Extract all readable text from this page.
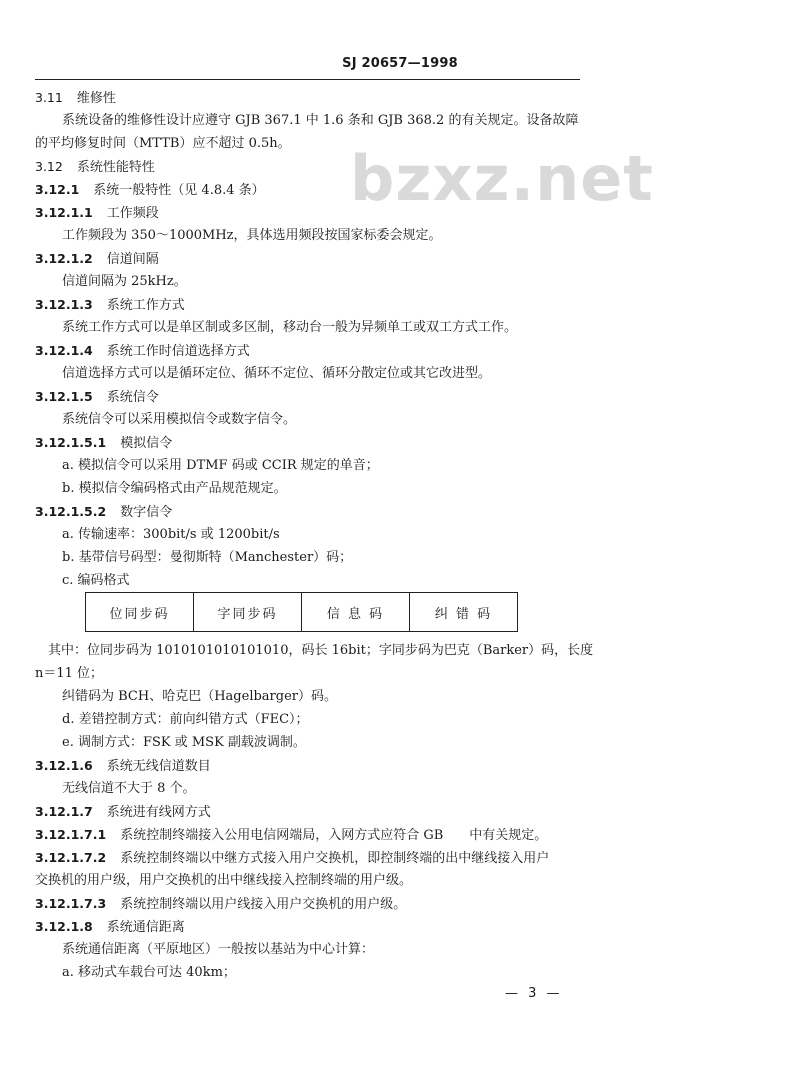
SJ 20657—1998
bzxz.net
3.11 维修性
系统设备的维修性设计应遵守 GJB 367.1 中 1.6 条和 GJB 368.2 的有关规定。设备故障
的平均修复时间（MTTB）应不超过 0.5h。
3.12 系统性能特性
3.12.1 系统一般特性（见 4.8.4 条）
3.12.1.1 工作频段
工作频段为 350～1000MHz，具体选用频段按国家标委会规定。
3.12.1.2 信道间隔
信道间隔为 25kHz。
3.12.1.3 系统工作方式
系统工作方式可以是单区制或多区制，移动台一般为异频单工或双工方式工作。
3.12.1.4 系统工作时信道选择方式
信道选择方式可以是循环定位、循环不定位、循环分散定位或其它改进型。
3.12.1.5 系统信令
系统信令可以采用模拟信令或数字信令。
3.12.1.5.1 模拟信令
a. 模拟信令可以采用 DTMF 码或 CCIR 规定的单音；
b. 模拟信令编码格式由产品规范规定。
3.12.1.5.2 数字信令
a. 传输速率：300bit/s 或 1200bit/s
b. 基带信号码型：曼彻斯特（Manchester）码；
c. 编码格式
位同步码	字同步码	信 息 码	纠 错 码
其中：位同步码为 1010101010101010，码长 16bit；字同步码为巴克（Barker）码，长度
n＝11 位；
纠错码为 BCH、哈克巴（Hagelbarger）码。
d. 差错控制方式：前向纠错方式（FEC）；
e. 调制方式：FSK 或 MSK 副载波调制。
3.12.1.6 系统无线信道数目
无线信道不大于 8 个。
3.12.1.7 系统进有线网方式
3.12.1.7.1 系统控制终端接入公用电信网端局，入网方式应符合 GB　　中有关规定。
3.12.1.7.2 系统控制终端以中继方式接入用户交换机，即控制终端的出中继线接入用户
交换机的用户级，用户交换机的出中继线接入控制终端的用户级。
3.12.1.7.3 系统控制终端以用户线接入用户交换机的用户级。
3.12.1.8 系统通信距离
系统通信距离（平原地区）一般按以基站为中心计算：
a. 移动式车载台可达 40km；
— 3 —
